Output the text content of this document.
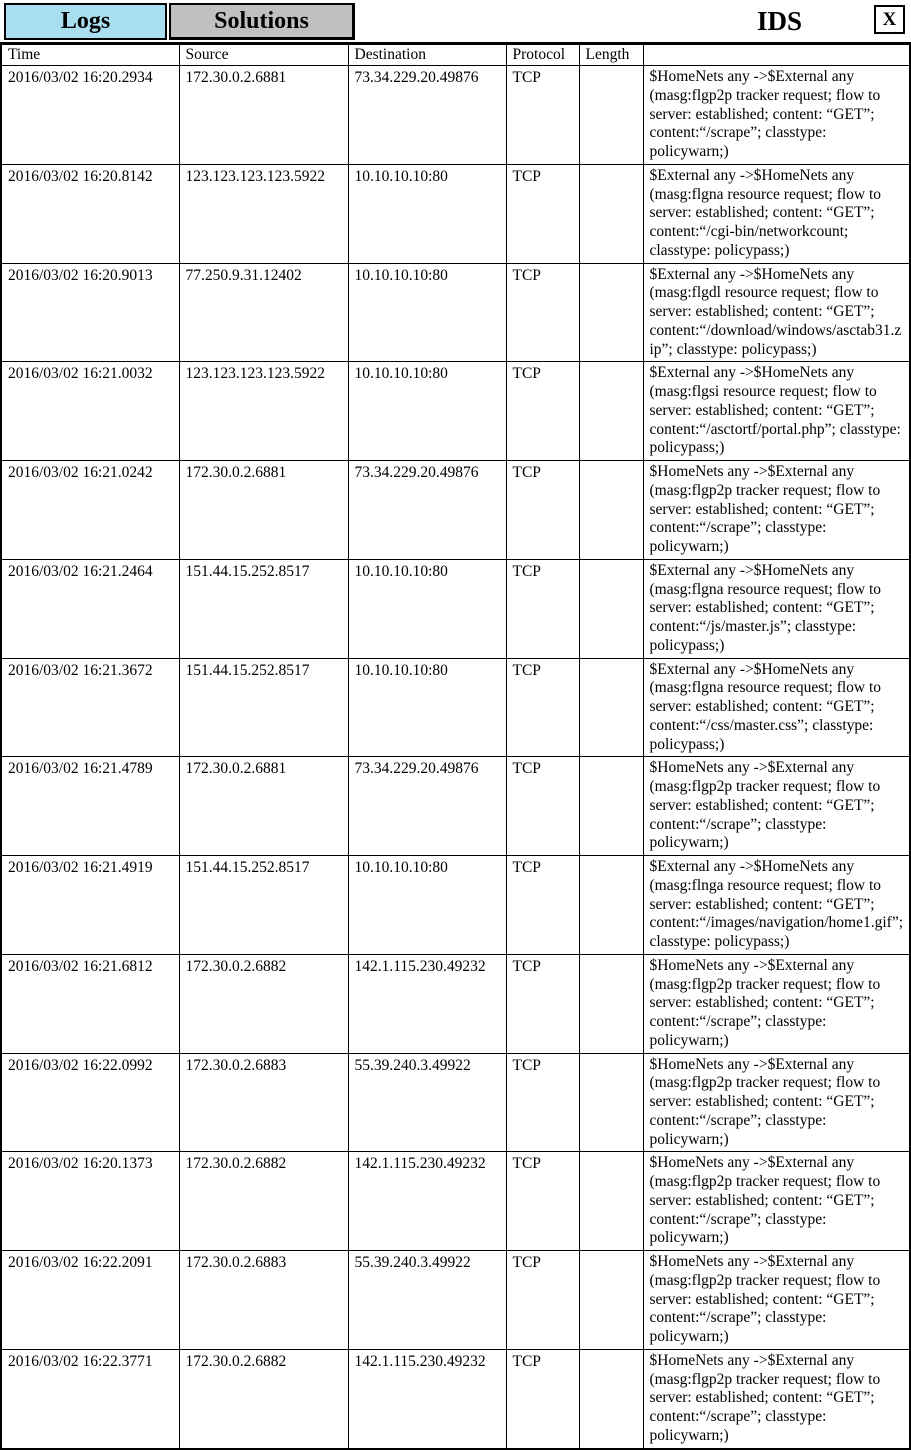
Logs	Solutions	IDS	X
Time	Source	Destination	Protocol	Length	
2016/03/02 16:20.2934	172.30.0.2.6881	73.34.229.20.49876	TCP		$HomeNets any ->$External any (masg:flgp2p tracker request; flow to server: established; content: “GET”; content:“/scrape”; classtype: policywarn;)
2016/03/02 16:20.8142	123.123.123.123.5922	10.10.10.10:80	TCP		$External any ->$HomeNets any (masg:flgna resource request; flow to server: established; content: “GET”; content:“/cgi-bin/networkcount; classtype: policypass;)
2016/03/02 16:20.9013	77.250.9.31.12402	10.10.10.10:80	TCP		$External any ->$HomeNets any (masg:flgdl resource request; flow to server: established; content: “GET”; content:“/download/windows/asctab31.zip”; classtype: policypass;)
2016/03/02 16:21.0032	123.123.123.123.5922	10.10.10.10:80	TCP		$External any ->$HomeNets any (masg:flgsi resource request; flow to server: established; content: “GET”; content:“/asctortf/portal.php”; classtype: policypass;)
2016/03/02 16:21.0242	172.30.0.2.6881	73.34.229.20.49876	TCP		$HomeNets any ->$External any (masg:flgp2p tracker request; flow to server: established; content: “GET”; content:“/scrape”; classtype: policywarn;)
2016/03/02 16:21.2464	151.44.15.252.8517	10.10.10.10:80	TCP		$External any ->$HomeNets any (masg:flgna resource request; flow to server: established; content: “GET”; content:“/js/master.js”; classtype: policypass;)
2016/03/02 16:21.3672	151.44.15.252.8517	10.10.10.10:80	TCP		$External any ->$HomeNets any (masg:flgna resource request; flow to server: established; content: “GET”; content:“/css/master.css”; classtype: policypass;)
2016/03/02 16:21.4789	172.30.0.2.6881	73.34.229.20.49876	TCP		$HomeNets any ->$External any (masg:flgp2p tracker request; flow to server: established; content: “GET”; content:“/scrape”; classtype: policywarn;)
2016/03/02 16:21.4919	151.44.15.252.8517	10.10.10.10:80	TCP		$External any ->$HomeNets any (masg:flnga resource request; flow to server: established; content: “GET”; content:“/images/navigation/home1.gif”; classtype: policypass;)
2016/03/02 16:21.6812	172.30.0.2.6882	142.1.115.230.49232	TCP		$HomeNets any ->$External any (masg:flgp2p tracker request; flow to server: established; content: “GET”; content:“/scrape”; classtype: policywarn;)
2016/03/02 16:22.0992	172.30.0.2.6883	55.39.240.3.49922	TCP		$HomeNets any ->$External any (masg:flgp2p tracker request; flow to server: established; content: “GET”; content:“/scrape”; classtype: policywarn;)
2016/03/02 16:20.1373	172.30.0.2.6882	142.1.115.230.49232	TCP		$HomeNets any ->$External any (masg:flgp2p tracker request; flow to server: established; content: “GET”; content:“/scrape”; classtype: policywarn;)
2016/03/02 16:22.2091	172.30.0.2.6883	55.39.240.3.49922	TCP		$HomeNets any ->$External any (masg:flgp2p tracker request; flow to server: established; content: “GET”; content:“/scrape”; classtype: policywarn;)
2016/03/02 16:22.3771	172.30.0.2.6882	142.1.115.230.49232	TCP		$HomeNets any ->$External any (masg:flgp2p tracker request; flow to server: established; content: “GET”; content:“/scrape”; classtype: policywarn;)
